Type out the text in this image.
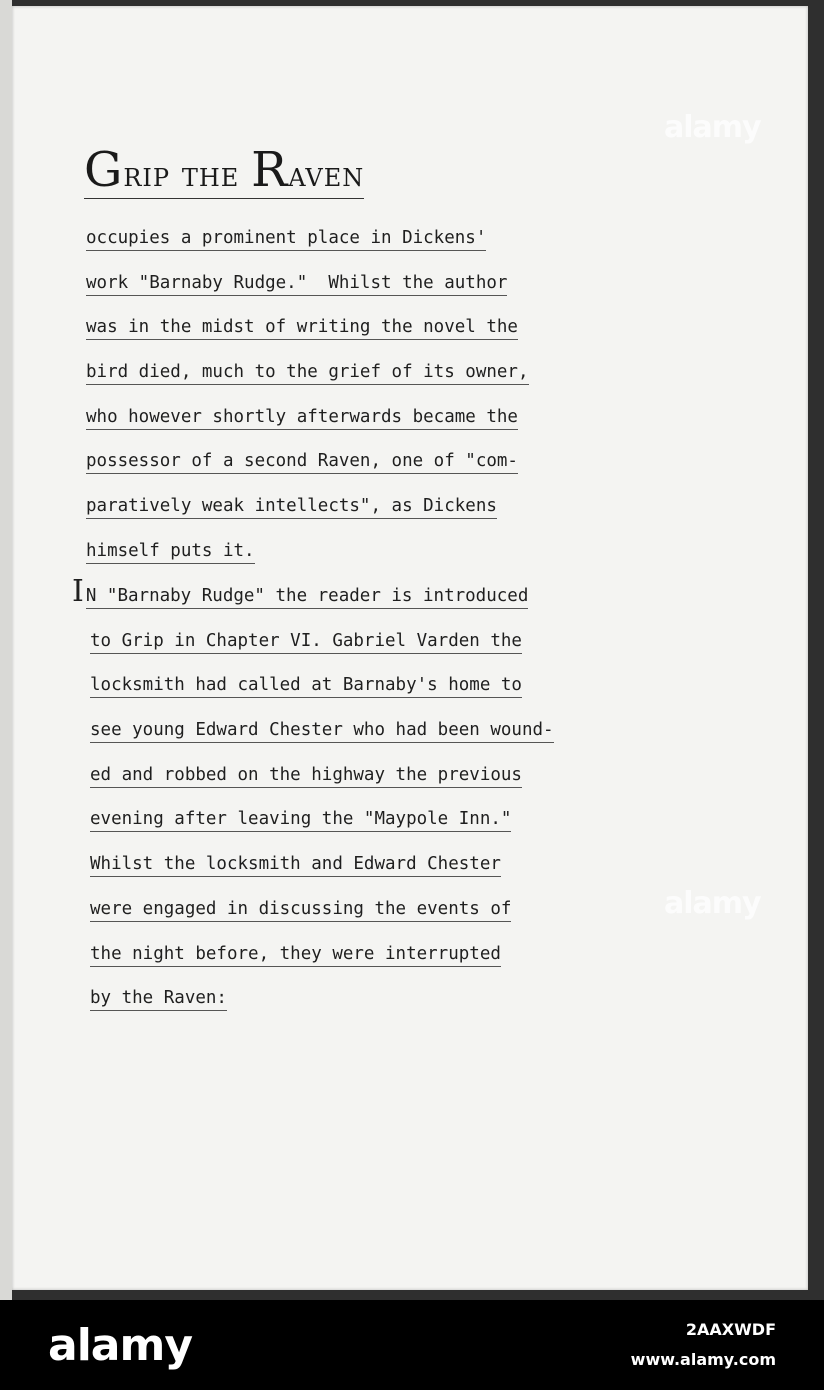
Grip the Raven
occupies a prominent place in Dickens'
work "Barnaby Rudge."  Whilst the author
was in the midst of writing the novel the
bird died, much to the grief of its owner,
who however shortly afterwards became the
possessor of a second Raven, one of "com-
paratively weak intellects", as Dickens
himself puts it.
I N "Barnaby Rudge" the reader is introduced
to Grip in Chapter VI. Gabriel Varden the
locksmith had called at Barnaby's home to
see young Edward Chester who had been wound-
ed and robbed on the highway the previous
evening after leaving the "Maypole Inn."
Whilst the locksmith and Edward Chester
were engaged in discussing the events of
the night before, they were interrupted
by the Raven:
alamy
alamy
alamy	2AAXWDF
www.alamy.com
